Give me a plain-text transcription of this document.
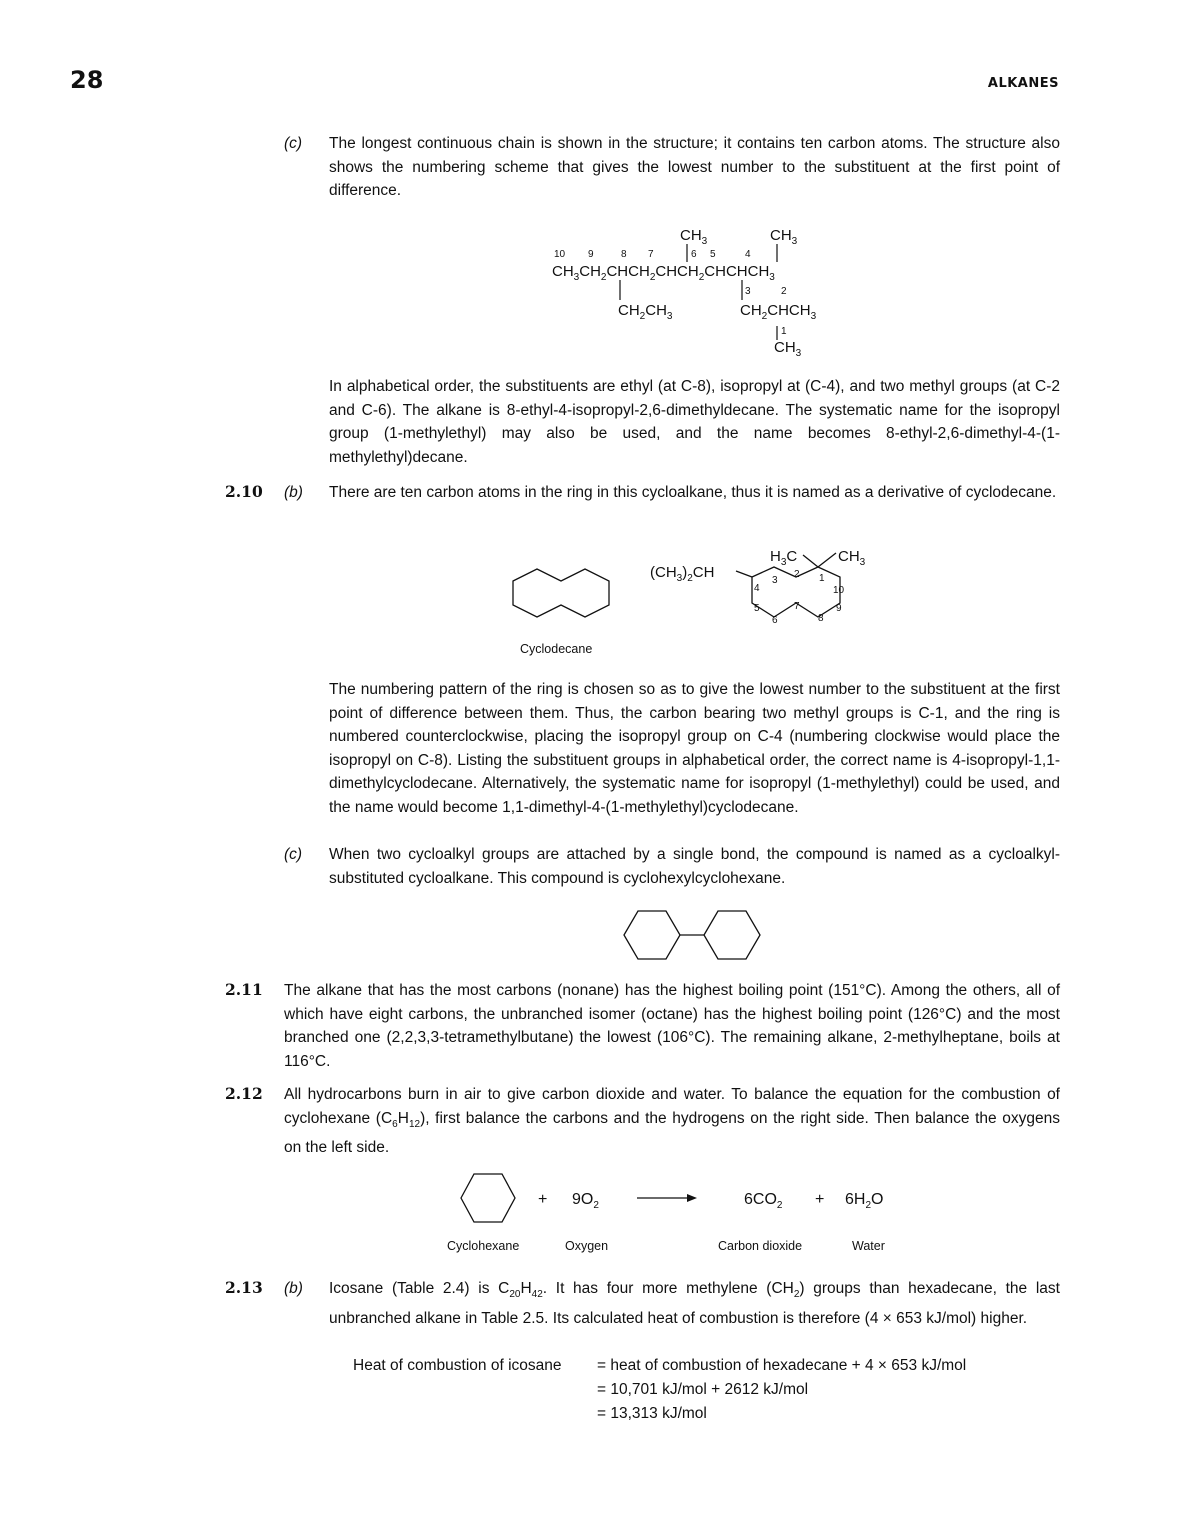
28	ALKANES
(c) The longest continuous chain is shown in the structure; it contains ten carbon atoms. The structure also shows the numbering scheme that gives the lowest number to the substituent at the first point of difference.
$CH_3$	$CH_3$
10 9	8 7	6 5	4
3	2
1
$CH_3CH_2CHCH_2CHCH_2CHCHCH_3$
$CH_2CH_3$	$CH_2CHCH_3$
$CH_3$
In alphabetical order, the substituents are ethyl (at C-8), isopropyl at (C-4), and two methyl groups (at C-2 and C-6). The alkane is 8-ethyl-4-isopropyl-2,6-dimethyldecane. The systematic name for the isopropyl group (1-methylethyl) may also be used, and the name becomes 8-ethyl-2,6-dimethyl-4-(1-methylethyl)decane.
2.10 (b) There are ten carbon atoms in the ring in this cycloalkane, thus it is named as a derivative of cyclodecane.
Cyclodecane
$(CH_3)_2CH$
$H_3C$	$CH_3$
1
2
3
4
5
6
7
8
9
10
The numbering pattern of the ring is chosen so as to give the lowest number to the substituent at the first point of difference between them. Thus, the carbon bearing two methyl groups is C-1, and the ring is numbered counterclockwise, placing the isopropyl group on C-4 (numbering clockwise would place the isopropyl on C-8). Listing the substituent groups in alphabetical order, the correct name is 4-isopropyl-1,1-dimethylcyclodecane. Alternatively, the systematic name for isopropyl (1-methylethyl) could be used, and the name would become 1,1-dimethyl-4-(1-methylethyl)cyclodecane.
(c) When two cycloalkyl groups are attached by a single bond, the compound is named as a cycloalkyl-substituted cycloalkane. This compound is cyclohexylcyclohexane.
2.11 The alkane that has the most carbons (nonane) has the highest boiling point (151°C). Among the others, all of which have eight carbons, the unbranched isomer (octane) has the highest boiling point (126°C) and the most branched one (2,2,3,3-tetramethylbutane) the lowest (106°C). The remaining alkane, 2-methylheptane, boils at 116°C.
2.12 All hydrocarbons burn in air to give carbon dioxide and water. To balance the equation for the combustion of cyclohexane $(C_6H_{12})$, first balance the carbons and the hydrogens on the right side. Then balance the oxygens on the left side.
+ $9O_2$	$6CO_2 + 6H_2O$
Cyclohexane	Oxygen	Carbon dioxide	Water
2.13 (b) Icosane (Table 2.4) is $C_{20}H_{42}$. It has four more methylene $(CH_2)$ groups than hexadecane, the last unbranched alkane in Table 2.5. Its calculated heat of combustion is therefore (4 × 653 kJ/mol) higher.
Heat of combustion of icosane = heat of combustion of hexadecane + 4 × 653 kJ/mol
= 10,701 kJ/mol + 2612 kJ/mol
= 13,313 kJ/mol
